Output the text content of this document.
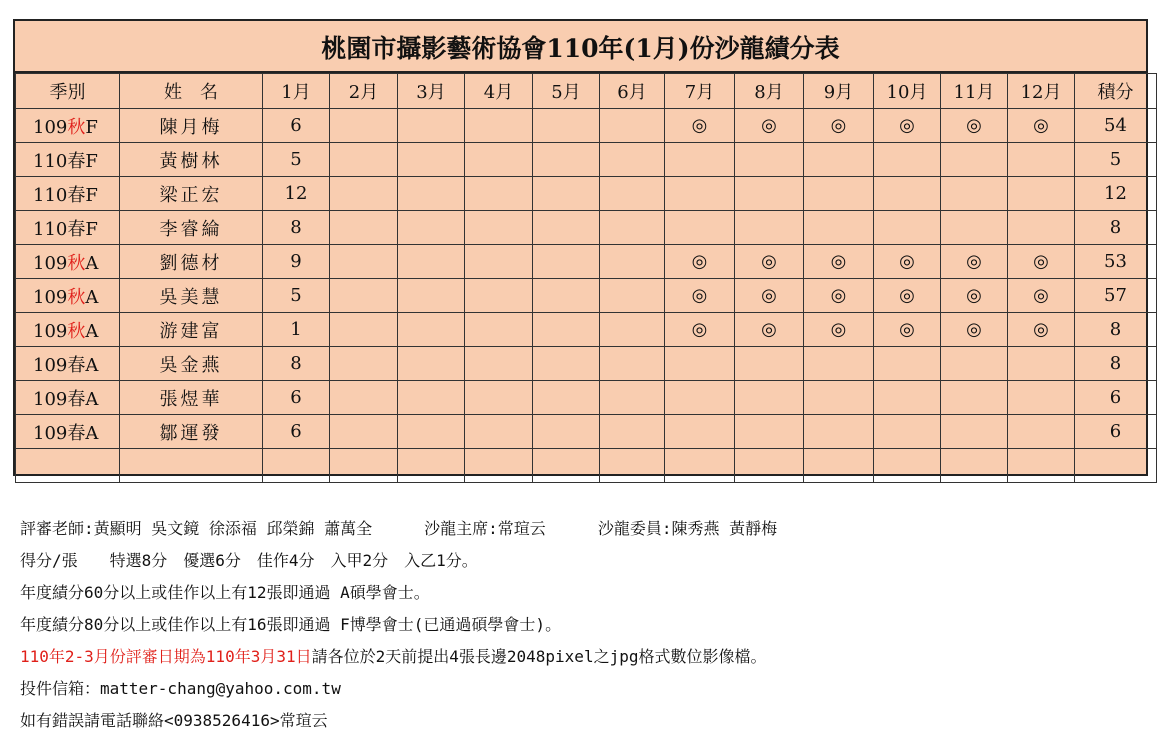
桃園市攝影藝術協會110年(1月)份沙龍績分表
季別	姓　名	1月	2月	3月	4月	5月	6月	7月	8月	9月	10月	11月	12月	積分
109秋F	陳月梅	6						◎	◎	◎	◎	◎	◎	54
110春F	黃樹林	5												5
110春F	梁正宏	12												12
110春F	李睿綸	8												8
109秋A	劉德材	9						◎	◎	◎	◎	◎	◎	53
109秋A	吳美慧	5						◎	◎	◎	◎	◎	◎	57
109秋A	游建富	1						◎	◎	◎	◎	◎	◎	8
109春A	吳金燕	8												8
109春A	張煜華	6												6
109春A	鄒運發	6												6

評審老師:黃顯明 吳文鏡 徐添福 邱榮錦 蕭萬全	沙龍主席:常瑄云	沙龍委員:陳秀燕 黃靜梅
得分/張　　特選8分　優選6分　佳作4分　入甲2分　入乙1分。
年度績分60分以上或佳作以上有12張即通過 A碩學會士。
年度績分80分以上或佳作以上有16張即通過 F博學會士(已通過碩學會士)。
110年2-3月份評審日期為110年3月31日請各位於2天前提出4張長邊2048pixel之jpg格式數位影像檔。
投件信箱：matter-chang@yahoo.com.tw
如有錯誤請電話聯絡<0938526416>常瑄云
